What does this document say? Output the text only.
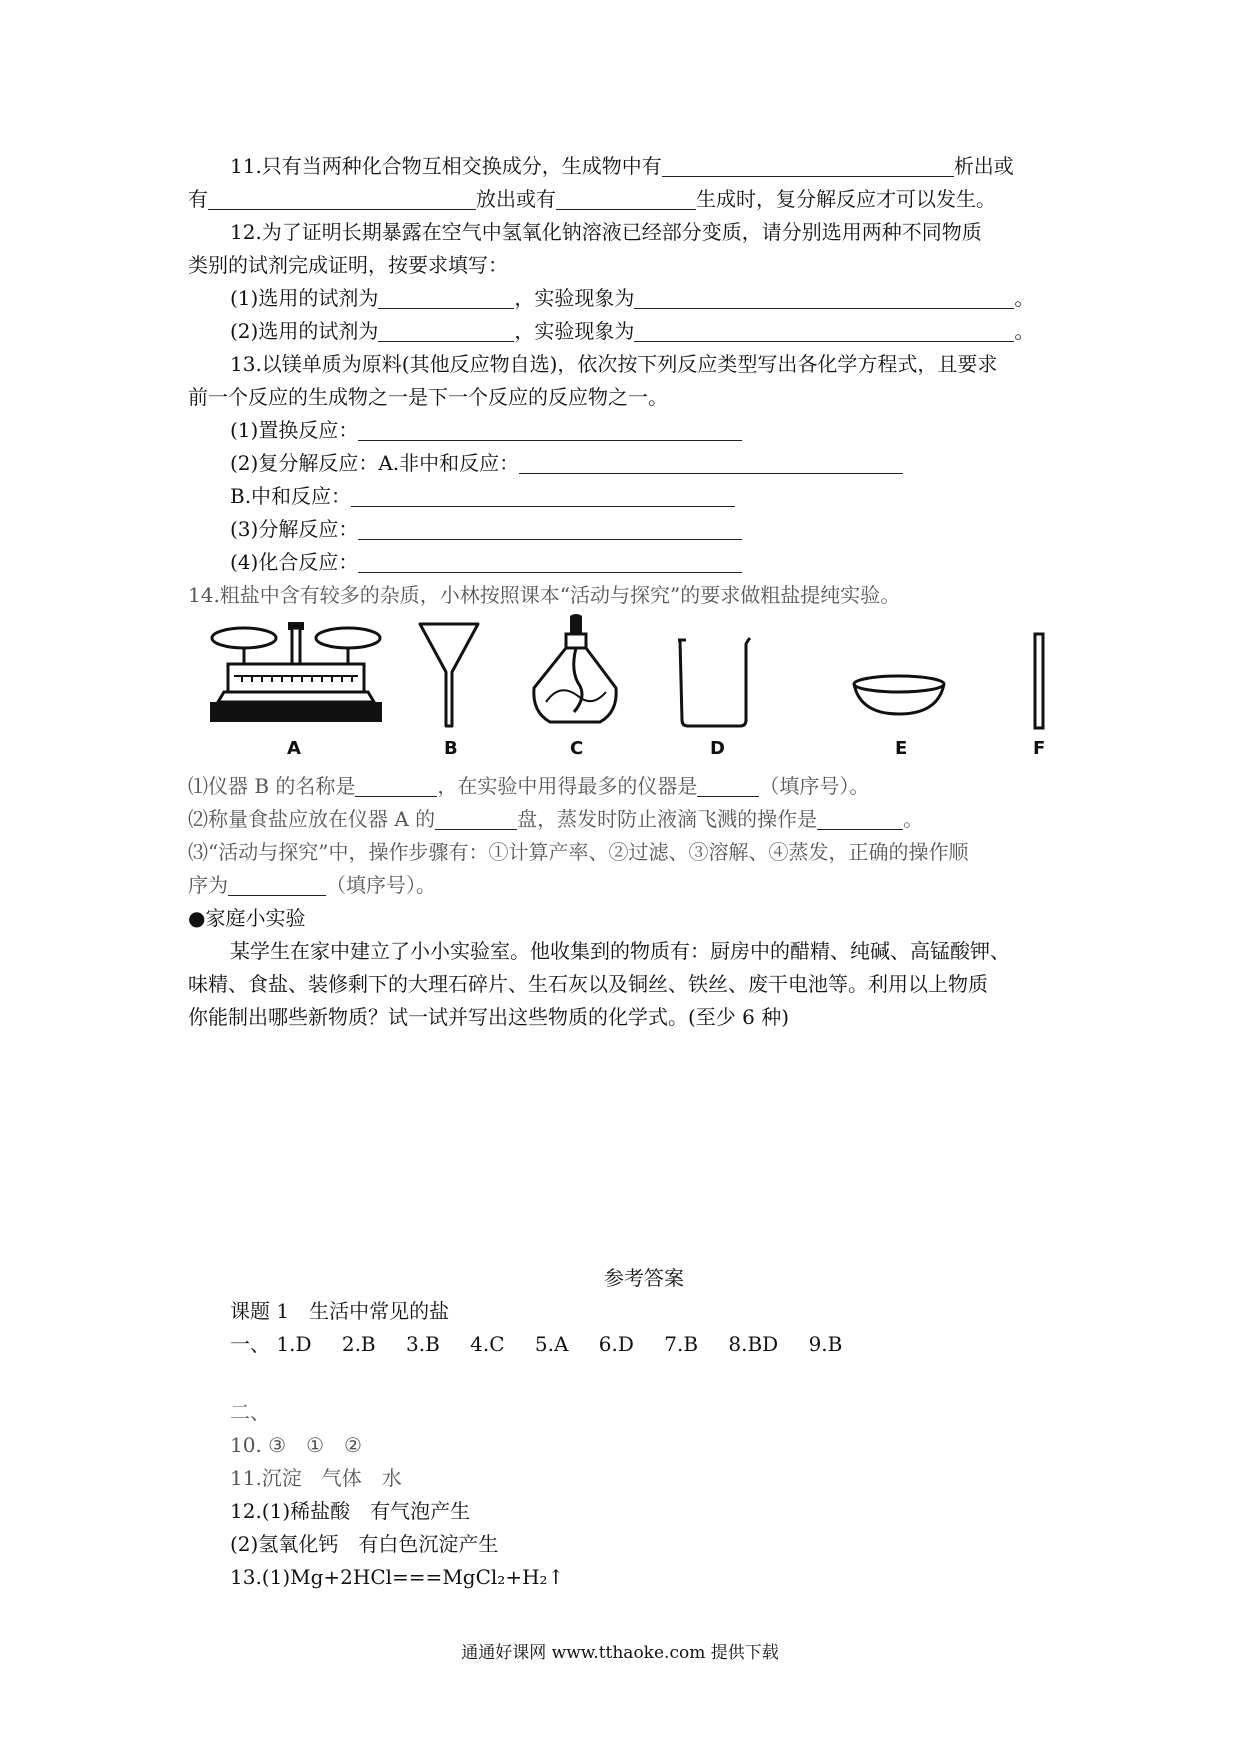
11.只有当两种化合物互相交换成分，生成物中有	析出或
有	放出或有	生成时，复分解反应才可以发生。
12.为了证明长期暴露在空气中氢氧化钠溶液已经部分变质，请分别选用两种不同物质
类别的试剂完成证明，按要求填写：
(1)选用的试剂为	，实验现象为	。
(2)选用的试剂为	，实验现象为	。
13.以镁单质为原料(其他反应物自选)，依次按下列反应类型写出各化学方程式，且要求
前一个反应的生成物之一是下一个反应的反应物之一。
(1)置换反应：
(2)复分解反应：A.非中和反应：
B.中和反应：
(3)分解反应：
(4)化合反应：
14.粗盐中含有较多的杂质，小林按照课本“活动与探究”的要求做粗盐提纯实验。
A	B	C	D	E	F
⑴仪器 B 的名称是	，在实验中用得最多的仪器是	（填序号）。
⑵称量食盐应放在仪器 A 的	盘，蒸发时防止液滴飞溅的操作是	。
⑶“活动与探究”中，操作步骤有：①计算产率、②过滤、③溶解、④蒸发，正确的操作顺
序为	（填序号）。
●家庭小实验
某学生在家中建立了小小实验室。他收集到的物质有：厨房中的醋精、纯碱、高锰酸钾、
味精、食盐、装修剩下的大理石碎片、生石灰以及铜丝、铁丝、废干电池等。利用以上物质
你能制出哪些新物质？试一试并写出这些物质的化学式。(至少 6 种)
参考答案
课题 1　生活中常见的盐
一、 1.D 2.B 3.B 4.C 5.A 6.D 7.B 8.BD 9.B
二、
10. ③　①　②
11.沉淀　气体　水
12.(1)稀盐酸　有气泡产生
(2)氢氧化钙　有白色沉淀产生
13.(1)Mg+2HCl===MgCl₂+H₂↑
通通好课网 www.tthaoke.com 提供下载
